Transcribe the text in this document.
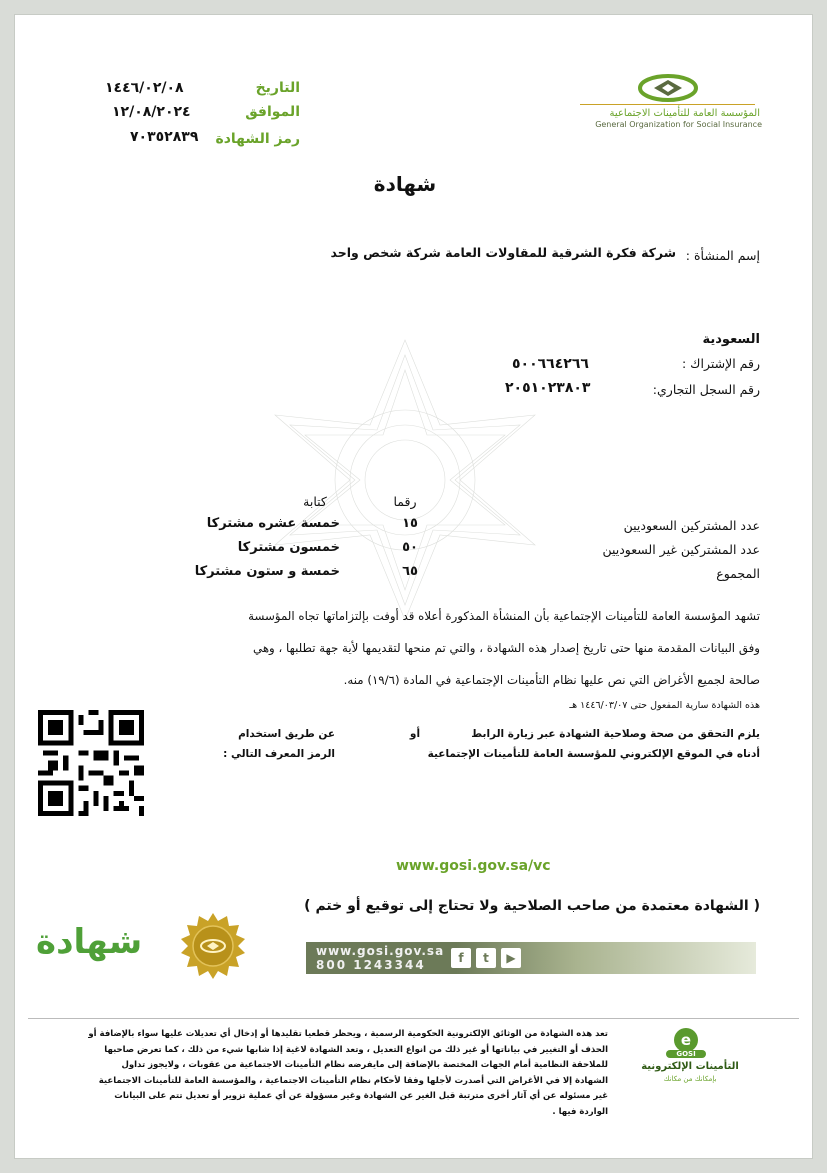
التاريخ
١٤٤٦/٠٢/٠٨
الموافق
١٢/٠٨/٢٠٢٤
رمز الشهادة
٧٠٣٥٢٨٣٩
المؤسسة العامة للتأمينات الاجتماعية
General Organization for Social Insurance
شهادة
إسم المنشأة :
شركة فكرة الشرقية للمقاولات العامة شركة شخص واحد
السعودية
رقم الإشتراك :
٥٠٠٦٦٤٢٦٦
رقم السجل التجاري:
٢٠٥١٠٢٣٨٠٣
رقما
كتابة
عدد المشتركين السعوديين
١٥
خمسة عشره مشتركا
عدد المشتركين غير السعوديين
٥٠
خمسون مشتركا
المجموع
٦٥
خمسة و ستون مشتركا
تشهد المؤسسة العامة للتأمينات الإجتماعية بأن المنشأة المذكورة أعلاه قد أوفت بإلتزاماتها تجاه المؤسسة
وفق البيانات المقدمة منها حتى تاريخ إصدار هذه الشهادة ، والتي تم منحها لتقديمها لأية جهة تطلبها ، وهي
صالحة لجميع الأغراض التي نص عليها نظام التأمينات الإجتماعية في المادة (١٩/٦) منه.
هذه الشهادة سارية المفعول حتى ١٤٤٦/٠٣/٠٧ هـ
يلزم التحقق من صحة وصلاحية الشهادة عبر زيارة الرابط
أو
عن طريق استخدام
أدناه في الموقع الإلكتروني للمؤسسة العامة للتأمينات الإجتماعية
الرمز المعرف التالي :
www.gosi.gov.sa/vc
( الشهادة معتمدة من صاحب الصلاحية ولا تحتاج إلى توقيع أو ختم )
www.gosi.gov.sa
800 1243344	f	t	▶
شهادة
e
GOSI
التأمينات الإلكترونية
بإمكانك من مكانك
تعد هذه الشهادة من الوثائق الإلكترونية الحكومية الرسمية ، ويحظر قطعيا تقليدها أو إدخال أي تعديلات عليها سواء بالإضافة أو الحذف أو التغيير في بياناتها أو غير ذلك من انواع التعديل ، وتعد الشهادة لاغية إذا شابها شيء من ذلك ، كما تعرض صاحبها للملاحقة النظامية أمام الجهات المختصة بالإضافة إلى مايفرضه نظام التأمينات الاجتماعية من عقوبات ، ولايجوز تداول الشهادة إلا في الأغراض التي أصدرت لأجلها وفقا لأحكام نظام التأمينات الاجتماعية ، والمؤسسة العامة للتأمينات الاجتماعية غير مسئوله عن أي آثار أخرى مترتبة قبل الغير عن الشهادة وغير مسؤولة عن أي عملية تزوير أو تعديل تتم على البيانات الواردة فيها .
